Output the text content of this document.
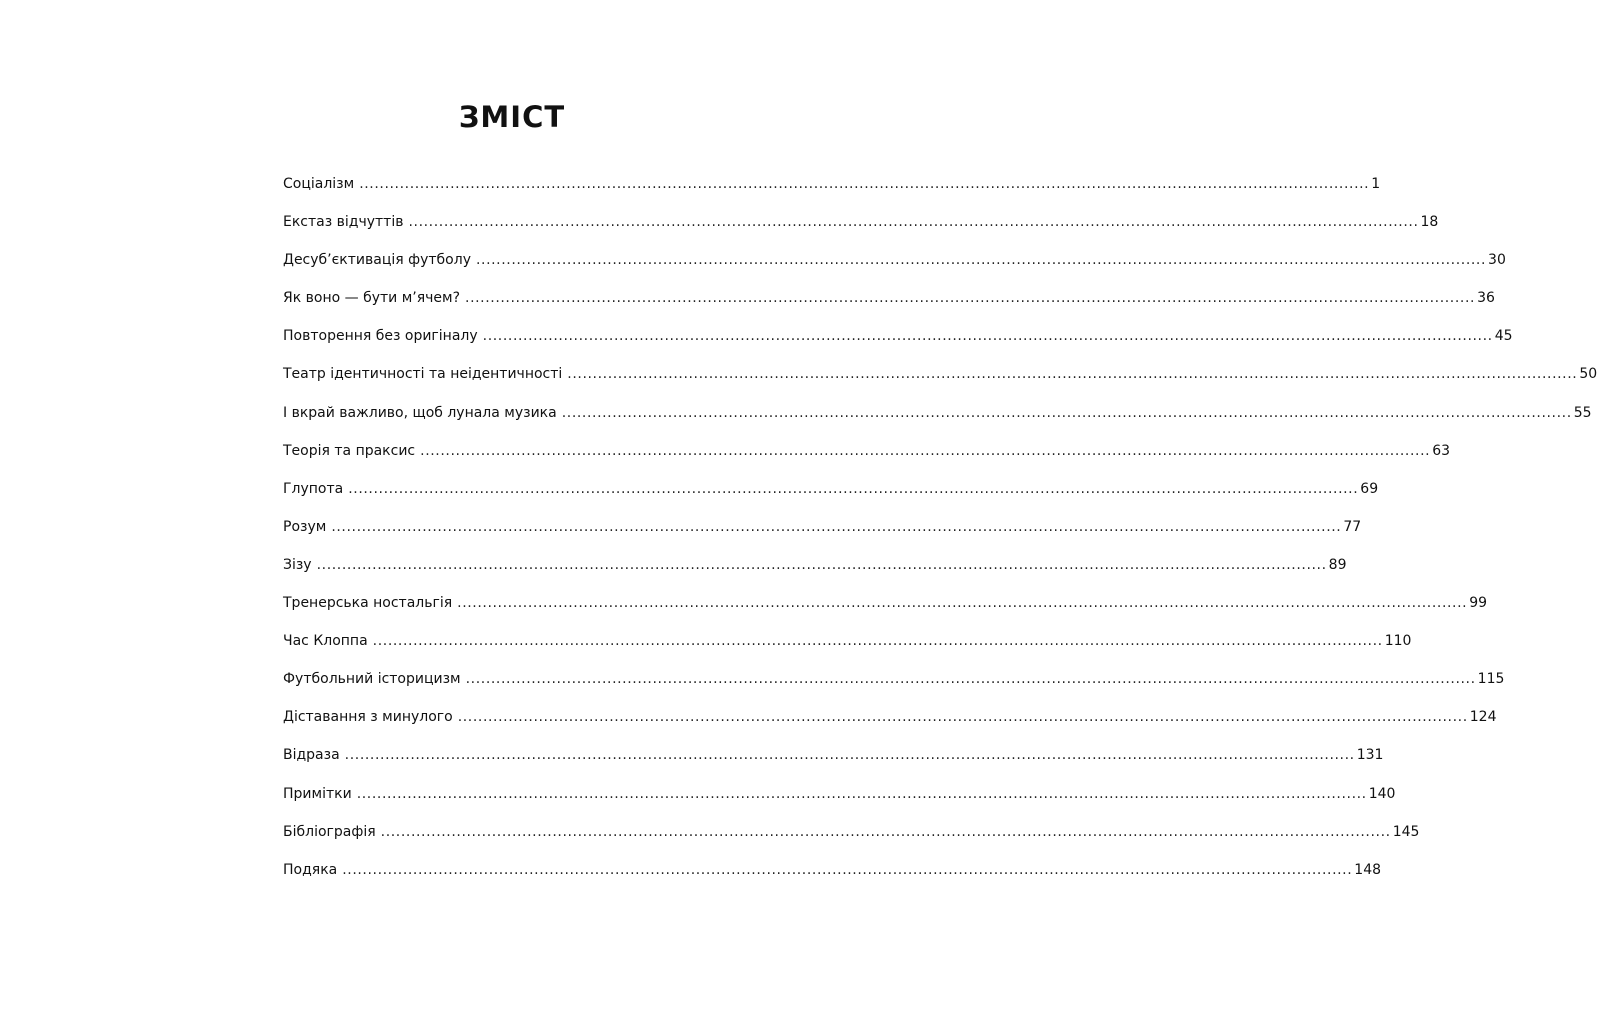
ЗМІСТ
Соціалізм ........................................................................................................................................................................................................ 1
Екстаз відчуттів ........................................................................................................................................................................................................ 18
Десуб’єктивація футболу ........................................................................................................................................................................................................ 30
Як воно — бути м’ячем? ........................................................................................................................................................................................................ 36
Повторення без оригіналу ........................................................................................................................................................................................................ 45
Театр ідентичності та неідентичності ........................................................................................................................................................................................................ 50
І вкрай важливо, щоб лунала музика ........................................................................................................................................................................................................ 55
Теорія та праксис ........................................................................................................................................................................................................ 63
Глупота ........................................................................................................................................................................................................ 69
Розум ........................................................................................................................................................................................................ 77
Зізу ........................................................................................................................................................................................................ 89
Тренерська ностальгія ........................................................................................................................................................................................................ 99
Час Клоппа ........................................................................................................................................................................................................ 110
Футбольний історицизм ........................................................................................................................................................................................................ 115
Діставання з минулого ........................................................................................................................................................................................................ 124
Відраза ........................................................................................................................................................................................................ 131
Примітки ........................................................................................................................................................................................................ 140
Бібліографія ........................................................................................................................................................................................................ 145
Подяка ........................................................................................................................................................................................................ 148
